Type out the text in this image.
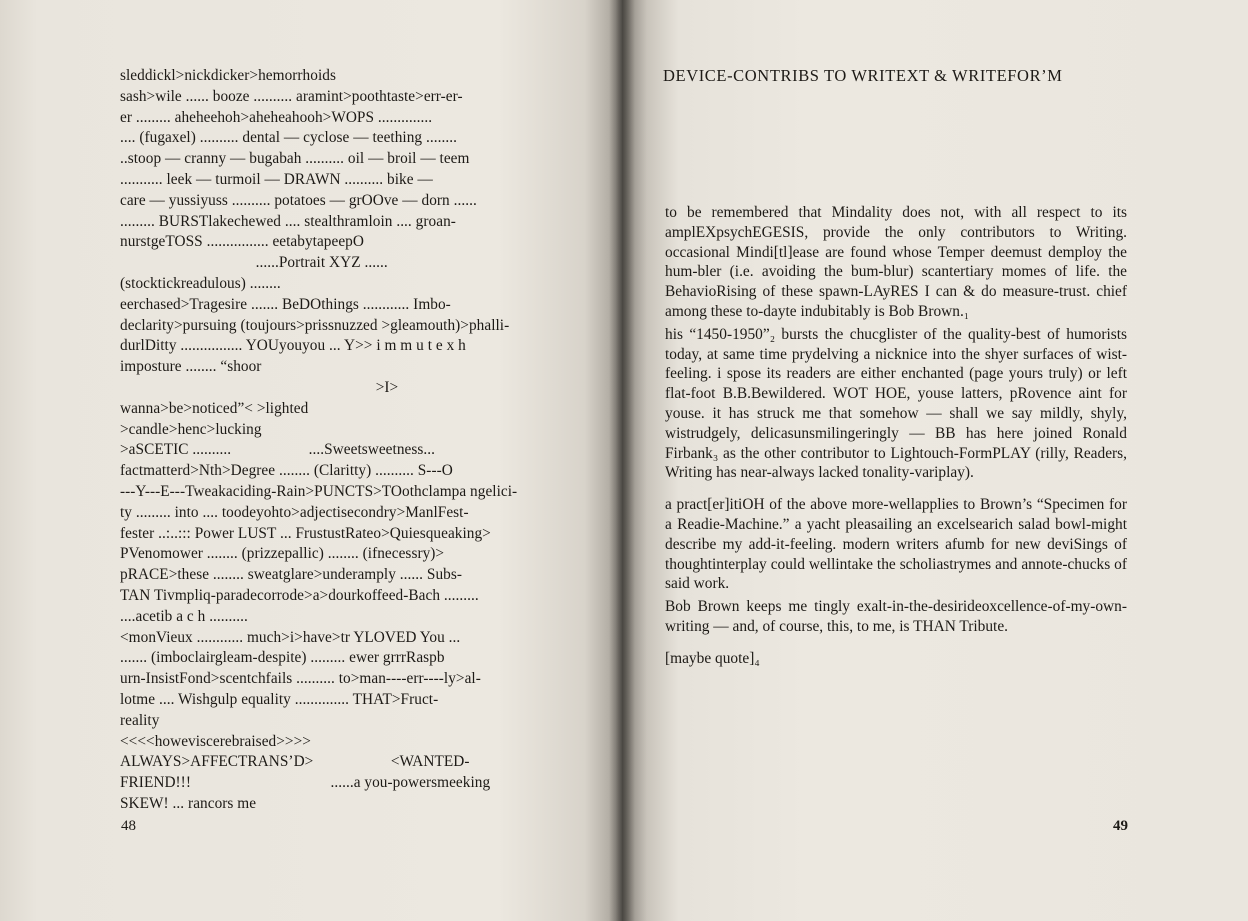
sleddickl>nickdicker>hemorrhoids
sash>wile ...... booze .......... aramint>poothtaste>err-er-
er ......... aheheehoh>aheheahooh>WOPS ..............
.... (fugaxel) .......... dental — cyclose — teething ........
..stoop — cranny — bugabah .......... oil — broil — teem
........... leek — turmoil — DRAWN .......... bike —
care — yussiyuss .......... potatoes — grOOve — dorn ......
......... BURSTlakechewed .... stealthramloin .... groan-
nurstgeTOSS ................ eetabytapeepO
......Portrait XYZ ......
(stocktickreadulous) ........
eerchased>Tragesire ....... BeDOthings ............ Imbo-
declarity>pursuing (toujours>prissnuzzed >gleamouth)>phalli-
durlDitty ................ YOUyouyou ... Y>> i m m u t e x h
imposture ........ “shoor
>I>
wanna>be>noticed”< >lighted
>candle>henc>lucking
>aSCETIC ..........                    ....Sweetsweetness...
factmatterd>Nth>Degree ........ (Claritty) .......... S---O
---Y---E---Tweakaciding-Rain>PUNCTS>TOothclampa ngelici-
ty ......... into .... toodeyohto>adjectisecondry>ManlFest-
fester ..:..::: Power LUST ... FrustustRateo>Quiesqueaking>
PVenomower ........ (prizzepallic) ........ (ifnecessry)>
pRACE>these ........ sweatglare>underamply ...... Subs-
TAN Tivmpliq-paradecorrode>a>dourkoffeed-Bach .........
....acetib a c h ..........
<monVieux ............ much>i>have>tr YLOVED You ...
....... (imboclairgleam-despite) ......... ewer grrrRaspb
urn-InsistFond>scentchfails .......... to>man----err----ly>al-
lotme .... Wishgulp equality .............. THAT>Fruct-
reality
<<<<howeviscerebraised>>>>
ALWAYS>AFFECTRANS’D>                    <WANTED-
FRIEND!!!                                    ......a you-powersmeeking
SKEW! ... rancors me
48
DEVICE-CONTRIBS TO WRITEXT & WRITEFOR’M

to be remembered that Mindality does not, with all respect to its amplEXpsychEGESIS, provide the only contributors to Writing. occasional Mindi[tl]ease are found whose Temper deemust demploy the hum-bler (i.e. avoiding the bum-blur) scantertiary momes of life. the BehavioRising of these spawn-LAyRES I can & do measure-trust. chief among these to-dayte indubitably is Bob Brown.₁

his “1450-1950”₂ bursts the chucglister of the quality-best of humorists today, at same time prydelving a nicknice into the shyer surfaces of wist-feeling. i spose its readers are either enchanted (page yours truly) or left flat-foot B.B.Bewildered. WOT HOE, youse latters, pRovence aint for youse. it has struck me that somehow — shall we say mildly, shyly, wistrudgely, delicasunsmilingeringly — BB has here joined Ronald Firbank₃ as the other contributor to Lightouch-FormPLAY (rilly, Readers, Writing has near-always lacked tonality-variplay).

a pract[er]itiOH of the above more-wellapplies to Brown’s “Specimen for a Readie-Machine.” a yacht pleasailing an excelsearich salad bowl-might describe my add-it-feeling. modern writers afumb for new deviSings of thoughtinterplay could wellintake the scholiastrymes and annote-chucks of said work.

Bob Brown keeps me tingly exalt-in-the-desirideoxcellence-of-my-own-writing — and, of course, this, to me, is THAN Tribute.

[maybe quote]₄

49
